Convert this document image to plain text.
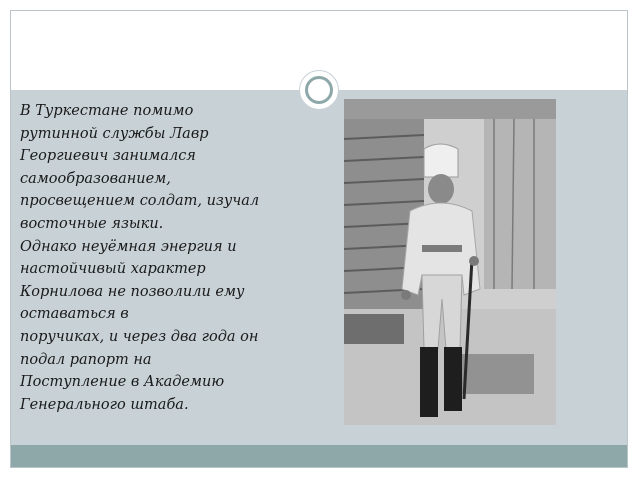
В Туркестане помимо
рутинной службы Лавр
Георгиевич занимался
самообразованием,
просвещением солдат, изучал
восточные языки.
Однако неуёмная энергия и
настойчивый характер
Корнилова не позволили ему
оставаться в
поручиках, и через два года он
подал рапорт на
Поступление в Академию
Генерального штаба.
